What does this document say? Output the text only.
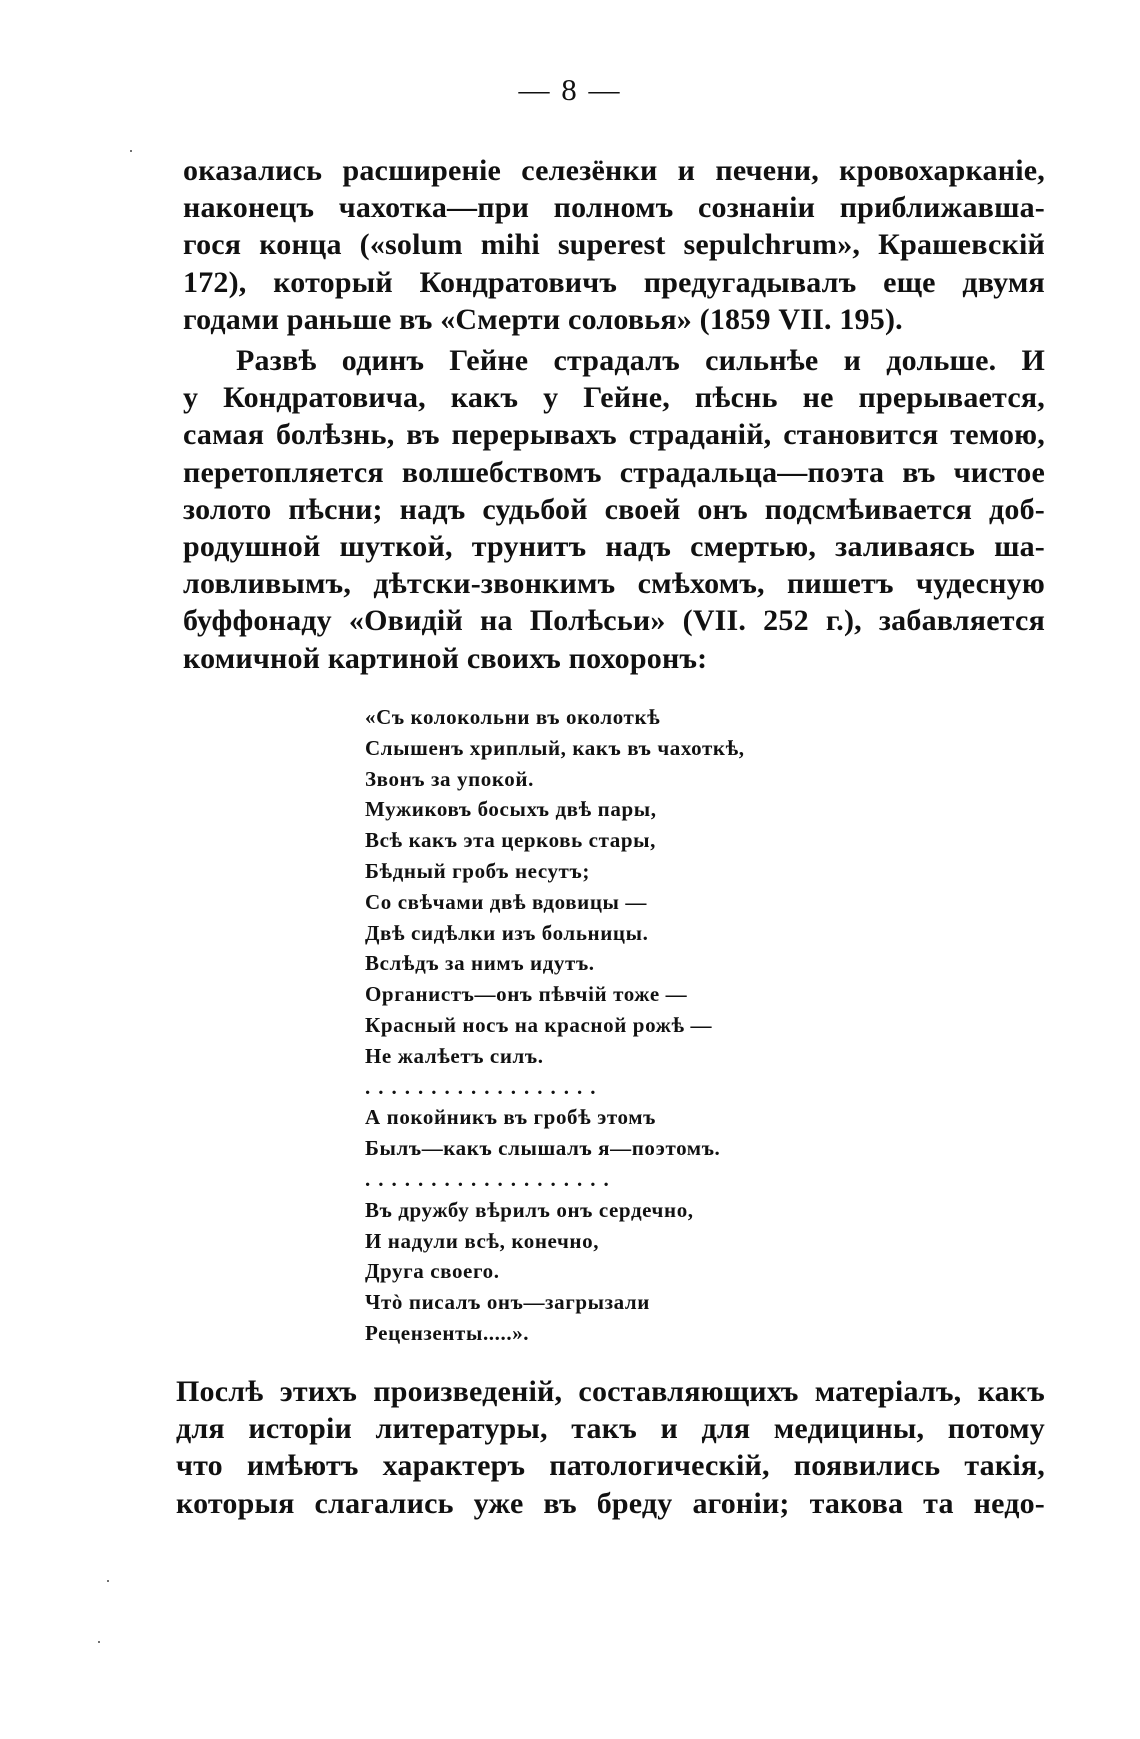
— 8 —
оказались расширеніе селезёнки и печени, кровохарканіе,
наконецъ чахотка—при полномъ сознаніи приближавша-
гося конца («solum mihi superest sepulchrum», Крашевскій
172), который Кондратовичъ предугадывалъ еще двумя
годами раньше въ «Смерти соловья» (1859 VII. 195).
Развѣ одинъ Гейне страдалъ сильнѣе и дольше. И
у Кондратовича, какъ у Гейне, пѣснь не прерывается,
самая болѣзнь, въ перерывахъ страданій, становится темою,
перетопляется волшебствомъ страдальца—поэта въ чистое
золото пѣсни; надъ судьбой своей онъ подсмѣивается доб-
родушной шуткой, трунитъ надъ смертью, заливаясь ша-
ловливымъ, дѣтски-звонкимъ смѣхомъ, пишетъ чудесную
буффонаду «Овидій на Полѣсьи» (VII. 252 г.), забавляется
комичной картиной своихъ похоронъ:
«Съ колокольни въ околоткѣ
Слышенъ хриплый, какъ въ чахоткѣ,
Звонъ за упокой.
Мужиковъ босыхъ двѣ пары,
Всѣ какъ эта церковь стары,
Бѣдный гробъ несутъ;
Со свѣчами двѣ вдовицы —
Двѣ сидѣлки изъ больницы.
Вслѣдъ за нимъ идутъ.
Органистъ—онъ пѣвчій тоже —
Красный носъ на красной рожѣ —
Не жалѣетъ силъ.
..................
А покойникъ въ гробѣ этомъ
Былъ—какъ слышалъ я—поэтомъ.
...................
Въ дружбу вѣрилъ онъ сердечно,
И надули всѣ, конечно,
Друга своего.
Чтò писалъ онъ—загрызали
Рецензенты.....».
Послѣ этихъ произведеній, составляющихъ матеріалъ, какъ
для исторіи литературы, такъ и для медицины, потому
что имѣютъ характеръ патологическій, появились такія,
которыя слагались уже въ бреду агоніи; такова та недо-
